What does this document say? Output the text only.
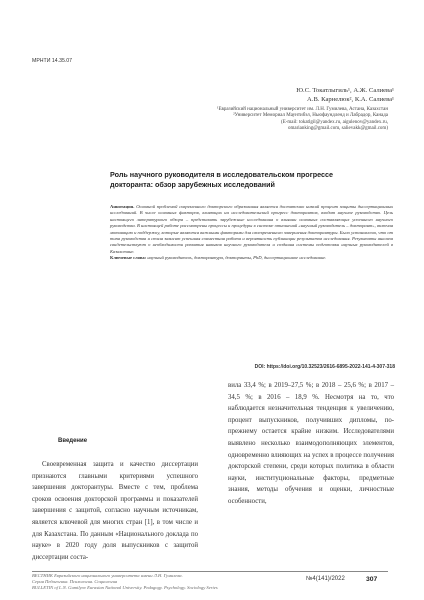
МРНТИ 14.35.07
Ю.С. Токатлыгиль¹, А.Ж. Салиева¹
А.В. Карнелюк², К.А. Салиева¹
¹Евразийский национальный университет им. Л.Н. Гумилева, Астана, Казахстан
²Университет Мемориал Маунтибэл, Ньюфаундленд и Лабрадор, Канада
(E-mail: tokatlgil@yandex.ru, aigulenov@yandex.ru,
omarianking@gmail.com, salievakk@gmail.com)
Роль научного руководителя в исследовательском прогрессе докторанта: обзор зарубежных исследований

Аннотация. Основной проблемой современного докторского образования является достаточно низкий процент защиты диссертационных исследований. В числе основных факторов, влияющих на исследовательский прогресс докторантов, входит научное руководство. Цель настоящего литературного обзора – представить зарубежные исследования о влиянии основных составляющих успешного научного руководства. В настоящей работе рассмотрены процессы и процедуры в системе отношений «научный руководитель – докторант», включая мотивацию и поддержку, которые являются важными факторами для своевременного завершения докторантуры. Было установлено, что от типа руководства и стиля зависит успешная совместная работа и вероятность публикации результатов исследования. Результаты анализа свидетельствуют о необходимости развития навыков научного руководителя и создания системы подготовки научных руководителей в Казахстане.

Ключевые слова: научный руководитель, докторантура, докторанты, PhD, диссертационное исследование.

DOI: https://doi.org/10.32523/2616-6895-2022-141-4-307-318
Введение

Своевременная защита и качество диссертации признаются главными критериями успешного завершения докторантуры. Вместе с тем, проблема сроков освоения докторской программы и показателей завершения с защитой, согласно научным источникам, является ключевой для многих стран [1], в том числе и для Казахстана. По данным «Национального доклада по науке» в 2020 году доля выпускников с защитой диссертации соста-

вила 33,4 %; в 2019–27,5 %; в 2018 – 25,6 %; в 2017 – 34,5 %; в 2016 – 18,9 %. Несмотря на то, что наблюдается незначительная тенденция к увеличению, процент выпускников, получивших дипломы, по-прежнему остается крайне низким. Исследователями выявлено несколько взаимодополняющих элементов, одновременно влияющих на успех в процессе получения докторской степени, среди которых политика в области науки, институциональные факторы, предметные знания, методы обучения и оценки, личностные особенности,

ВЕСТНИК Евразийского национального университета имени Л.Н. Гумилева.
Серия Педагогика. Психология. Социология
BULLETIN of L.N. Gumilyov Eurasian National University. Pedagogy. Psychology. Sociology Series
№4(141)/2022	307
